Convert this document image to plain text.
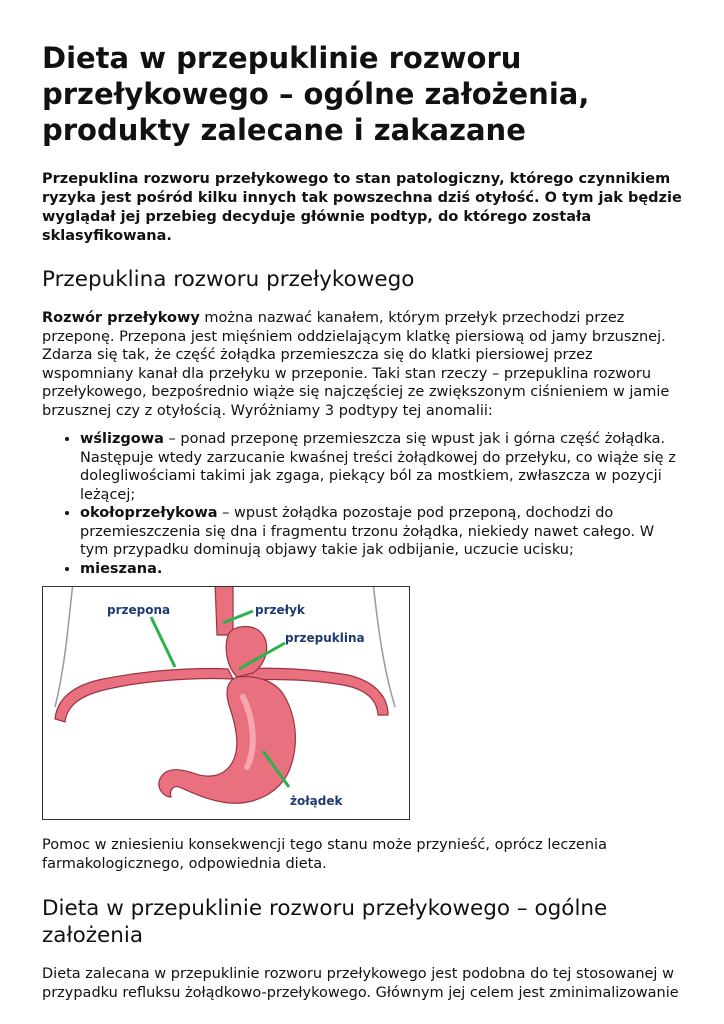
Dieta w przepuklinie rozworu przełykowego – ogólne założenia, produkty zalecane i zakazane
Przepuklina rozworu przełykowego to stan patologiczny, którego czynnikiem ryzyka jest pośród kilku innych tak powszechna dziś otyłość. O tym jak będzie wyglądał jej przebieg decyduje głównie podtyp, do którego została sklasyfikowana.
Przepuklina rozworu przełykowego

Rozwór przełykowy można nazwać kanałem, którym przełyk przechodzi przez przeponę. Przepona jest mięśniem oddzielającym klatkę piersiową od jamy brzusznej. Zdarza się tak, że część żołądka przemieszcza się do klatki piersiowej przez wspomniany kanał dla przełyku w przeponie. Taki stan rzeczy – przepuklina rozworu przełykowego, bezpośrednio wiąże się najczęściej ze zwiększonym ciśnieniem w jamie brzusznej czy z otyłością. Wyróżniamy 3 podtypy tej anomalii:

• wślizgowa – ponad przeponę przemieszcza się wpust jak i górna część żołądka. Następuje wtedy zarzucanie kwaśnej treści żołądkowej do przełyku, co wiąże się z dolegliwościami takimi jak zgaga, piekący ból za mostkiem, zwłaszcza w pozycji leżącej;
• okołoprzełykowa – wpust żołądka pozostaje pod przeponą, dochodzi do przemieszczenia się dna i fragmentu trzonu żołądka, niekiedy nawet całego. W tym przypadku dominują objawy takie jak odbijanie, uczucie ucisku;
• mieszana.
przepona	przełyk
przepuklina
żołądek

Pomoc w zniesieniu konsekwencji tego stanu może przynieść, oprócz leczenia farmakologicznego, odpowiednia dieta.

Dieta w przepuklinie rozworu przełykowego – ogólne założenia

Dieta zalecana w przepuklinie rozworu przełykowego jest podobna do tej stosowanej w przypadku refluksu żołądkowo-przełykowego. Głównym jej celem jest zminimalizowanie
